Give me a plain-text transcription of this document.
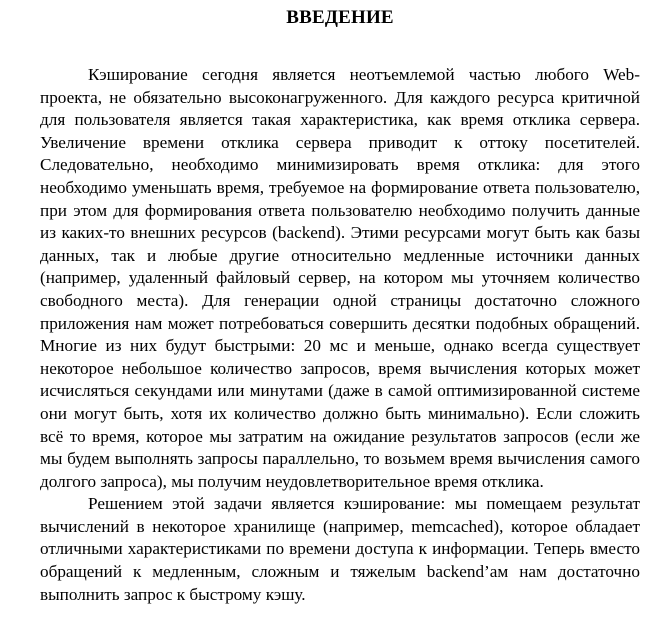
ВВЕДЕНИЕ

Кэширование сегодня является неотъемлемой частью любого Web-проекта, не обязательно высоконагруженного. Для каждого ресурса критичной для пользователя является такая характеристика, как время отклика сервера. Увеличение времени отклика сервера приводит к оттоку посетителей. Следовательно, необходимо минимизировать время отклика: для этого необходимо уменьшать время, требуемое на формирование ответа пользователю, при этом для формирования ответа пользователю необходимо получить данные из каких-то внешних ресурсов (backend). Этими ресурсами могут быть как базы данных, так и любые другие относительно медленные источники данных (например, удаленный файловый сервер, на котором мы уточняем количество свободного места). Для генерации одной страницы достаточно сложного приложения нам может потребоваться совершить десятки подобных обращений. Многие из них будут быстрыми: 20 мс и меньше, однако всегда существует некоторое небольшое количество запросов, время вычисления которых может исчисляться секундами или минутами (даже в самой оптимизированной системе они могут быть, хотя их количество должно быть минимально). Если сложить всё то время, которое мы затратим на ожидание результатов запросов (если же мы будем выполнять запросы параллельно, то возьмем время вычисления самого долгого запроса), мы получим неудовлетворительное время отклика.

Решением этой задачи является кэширование: мы помещаем результат вычислений в некоторое хранилище (например, memcached), которое обладает отличными характеристиками по времени доступа к информации. Теперь вместо обращений к медленным, сложным и тяжелым backend’ам нам достаточно выполнить запрос к быстрому кэшу.
